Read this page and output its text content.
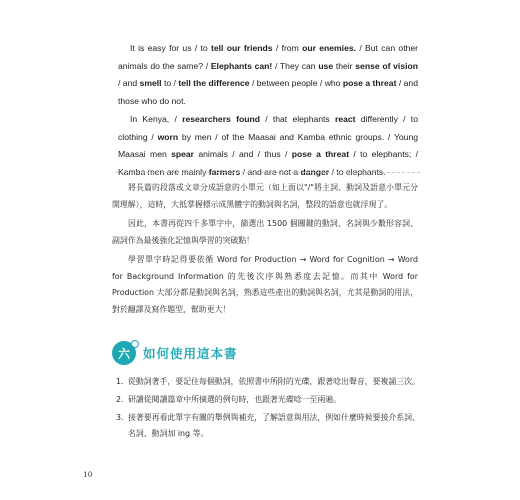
It is easy for us / to tell our friends / from our enemies. / But can other animals do the same? / Elephants can! / They can use their sense of vision / and smell to / tell the difference / between people / who pose a threat / and those who do not.

In Kenya, / researchers found / that elephants react differently / to clothing / worn by men / of the Maasai and Kamba ethnic groups. / Young Maasai men spear animals / and / thus / pose a threat / to elephants; / Kamba men are mainly farmers / and are not a danger / to elephants.

將長篇的段落或文章分成語意的小單元（如上面以"/"將主詞、動詞及語意小單元分開理解），這時，大抵掌握標示成黑體字的動詞與名詞，整段的語意也就浮現了。

因此，本書再從四千多單字中，篩選出 1500 個關鍵的動詞、名詞與少數形容詞、副詞作為最後強化記憶與學習的突破點！

學習單字時記得要依循 Word for Production → Word for Cognition → Word for Background Information 的先後次序與熟悉度去記憶。而其中 Word for Production 大部分都是動詞與名詞，熟悉這些產出的動詞與名詞，尤其是動詞的用法，對於翻譯及寫作題型，幫助更大！

六 如何使用這本書
1. 從動詞著手，要記住每個動詞，依照書中所附的光碟，跟著唸出聲音，要複誦三次。
2. 研讀從閱讀篇章中所摘選的例句時，也跟著光碟唸一至兩遍。
3. 接著要再看此單字有關的舉例與補充，了解語意與用法，例如什麼時候要接介系詞、名詞、動詞加 ing 等。
10
